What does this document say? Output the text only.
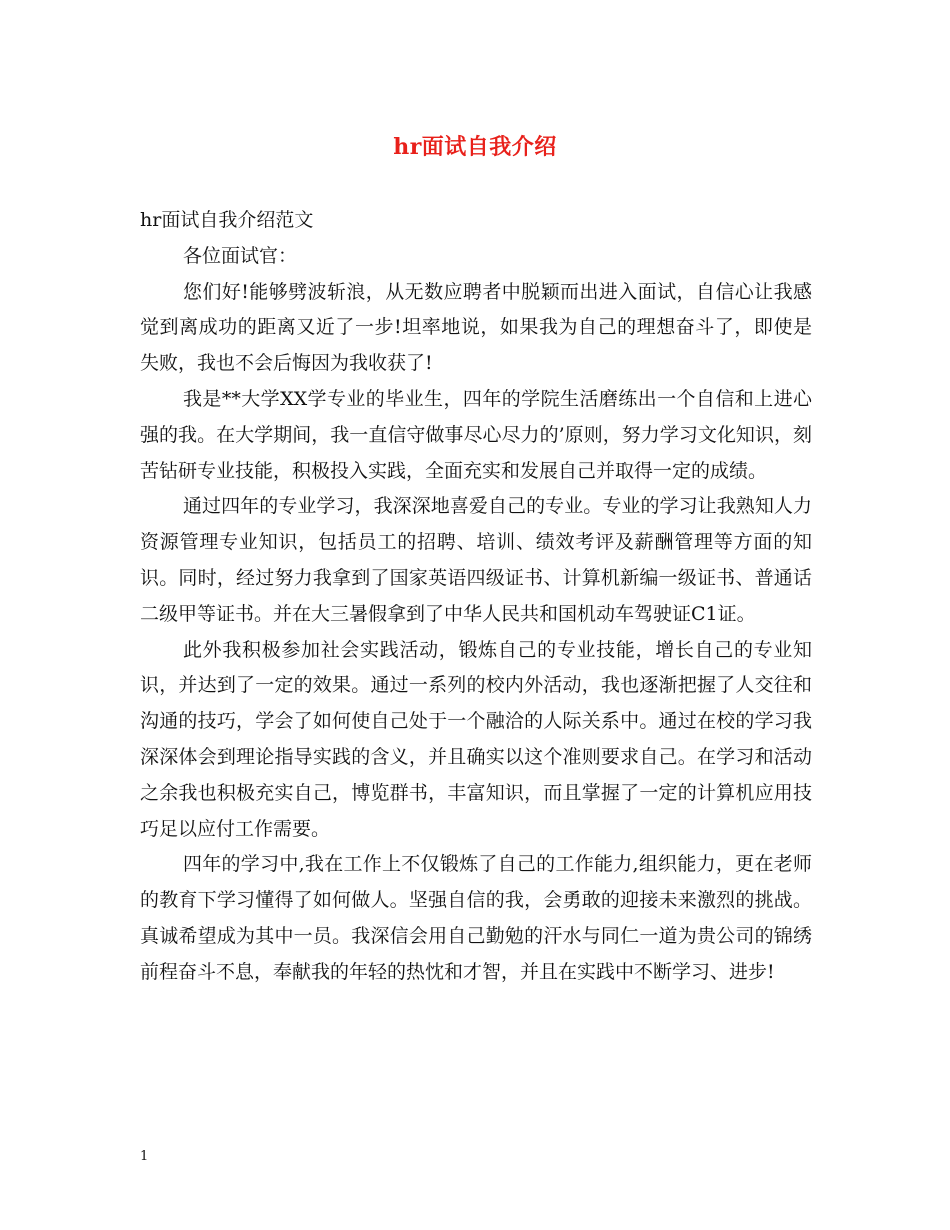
hr面试自我介绍

hr面试自我介绍范文

各位面试官：

您们好!能够劈波斩浪，从无数应聘者中脱颖而出进入面试，自信心让我感觉到离成功的距离又近了一步!坦率地说，如果我为自己的理想奋斗了，即使是失败，我也不会后悔因为我收获了!

我是**大学XX学专业的毕业生，四年的学院生活磨练出一个自信和上进心强的我。在大学期间，我一直信守做事尽心尽力的’原则，努力学习文化知识，刻苦钻研专业技能，积极投入实践，全面充实和发展自己并取得一定的成绩。

通过四年的专业学习，我深深地喜爱自己的专业。专业的学习让我熟知人力资源管理专业知识，包括员工的招聘、培训、绩效考评及薪酬管理等方面的知识。同时，经过努力我拿到了国家英语四级证书、计算机新编一级证书、普通话二级甲等证书。并在大三暑假拿到了中华人民共和国机动车驾驶证C1证。

此外我积极参加社会实践活动，锻炼自己的专业技能，增长自己的专业知识，并达到了一定的效果。通过一系列的校内外活动，我也逐渐把握了人交往和沟通的技巧，学会了如何使自己处于一个融洽的人际关系中。通过在校的学习我深深体会到理论指导实践的含义，并且确实以这个准则要求自己。在学习和活动之余我也积极充实自己，博览群书，丰富知识，而且掌握了一定的计算机应用技巧足以应付工作需要。

四年的学习中,我在工作上不仅锻炼了自己的工作能力,组织能力，更在老师的教育下学习懂得了如何做人。坚强自信的我，会勇敢的迎接未来激烈的挑战。真诚希望成为其中一员。我深信会用自己勤勉的汗水与同仁一道为贵公司的锦绣前程奋斗不息，奉献我的年轻的热忱和才智，并且在实践中不断学习、进步!

1
